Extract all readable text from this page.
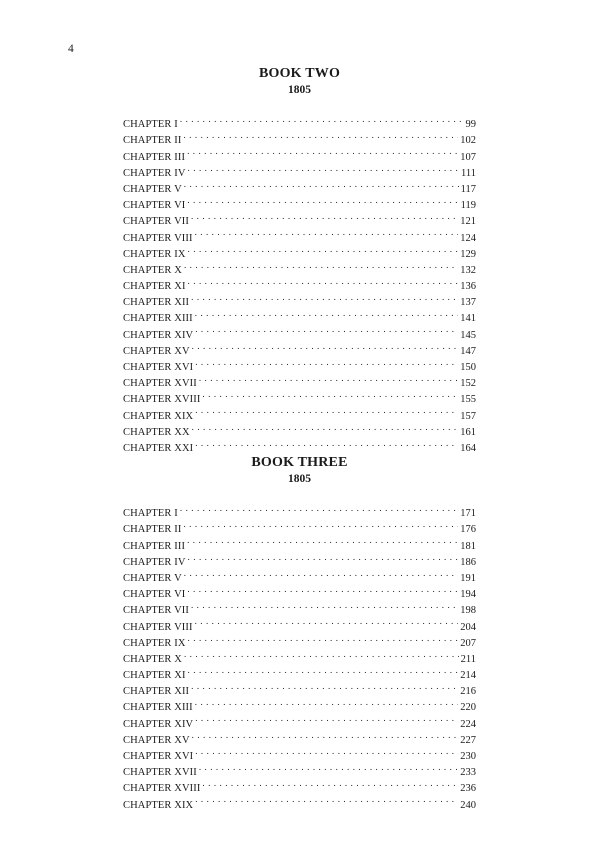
4
BOOK TWO
1805
CHAPTER I . . .	99
CHAPTER II . . .	102
CHAPTER III . . .	107
CHAPTER IV . . .	111
CHAPTER V . . .	117
CHAPTER VI . . .	119
CHAPTER VII . . .	121
CHAPTER VIII . . .	124
CHAPTER IX . . .	129
CHAPTER X . . .	132
CHAPTER XI . . .	136
CHAPTER XII . . .	137
CHAPTER XIII . . .	141
CHAPTER XIV . . .	145
CHAPTER XV . . .	147
CHAPTER XVI . . .	150
CHAPTER XVII . . .	152
CHAPTER XVIII . . .	155
CHAPTER XIX . . .	157
CHAPTER XX . . .	161
CHAPTER XXI . . .	164
BOOK THREE
1805
CHAPTER I . . .	171
CHAPTER II . . .	176
CHAPTER III . . .	181
CHAPTER IV . . .	186
CHAPTER V . . .	191
CHAPTER VI . . .	194
CHAPTER VII . . .	198
CHAPTER VIII . . .	204
CHAPTER IX . . .	207
CHAPTER X . . .	211
CHAPTER XI . . .	214
CHAPTER XII . . .	216
CHAPTER XIII . . .	220
CHAPTER XIV . . .	224
CHAPTER XV . . .	227
CHAPTER XVI . . .	230
CHAPTER XVII . . .	233
CHAPTER XVIII . . .	236
CHAPTER XIX . . .	240
